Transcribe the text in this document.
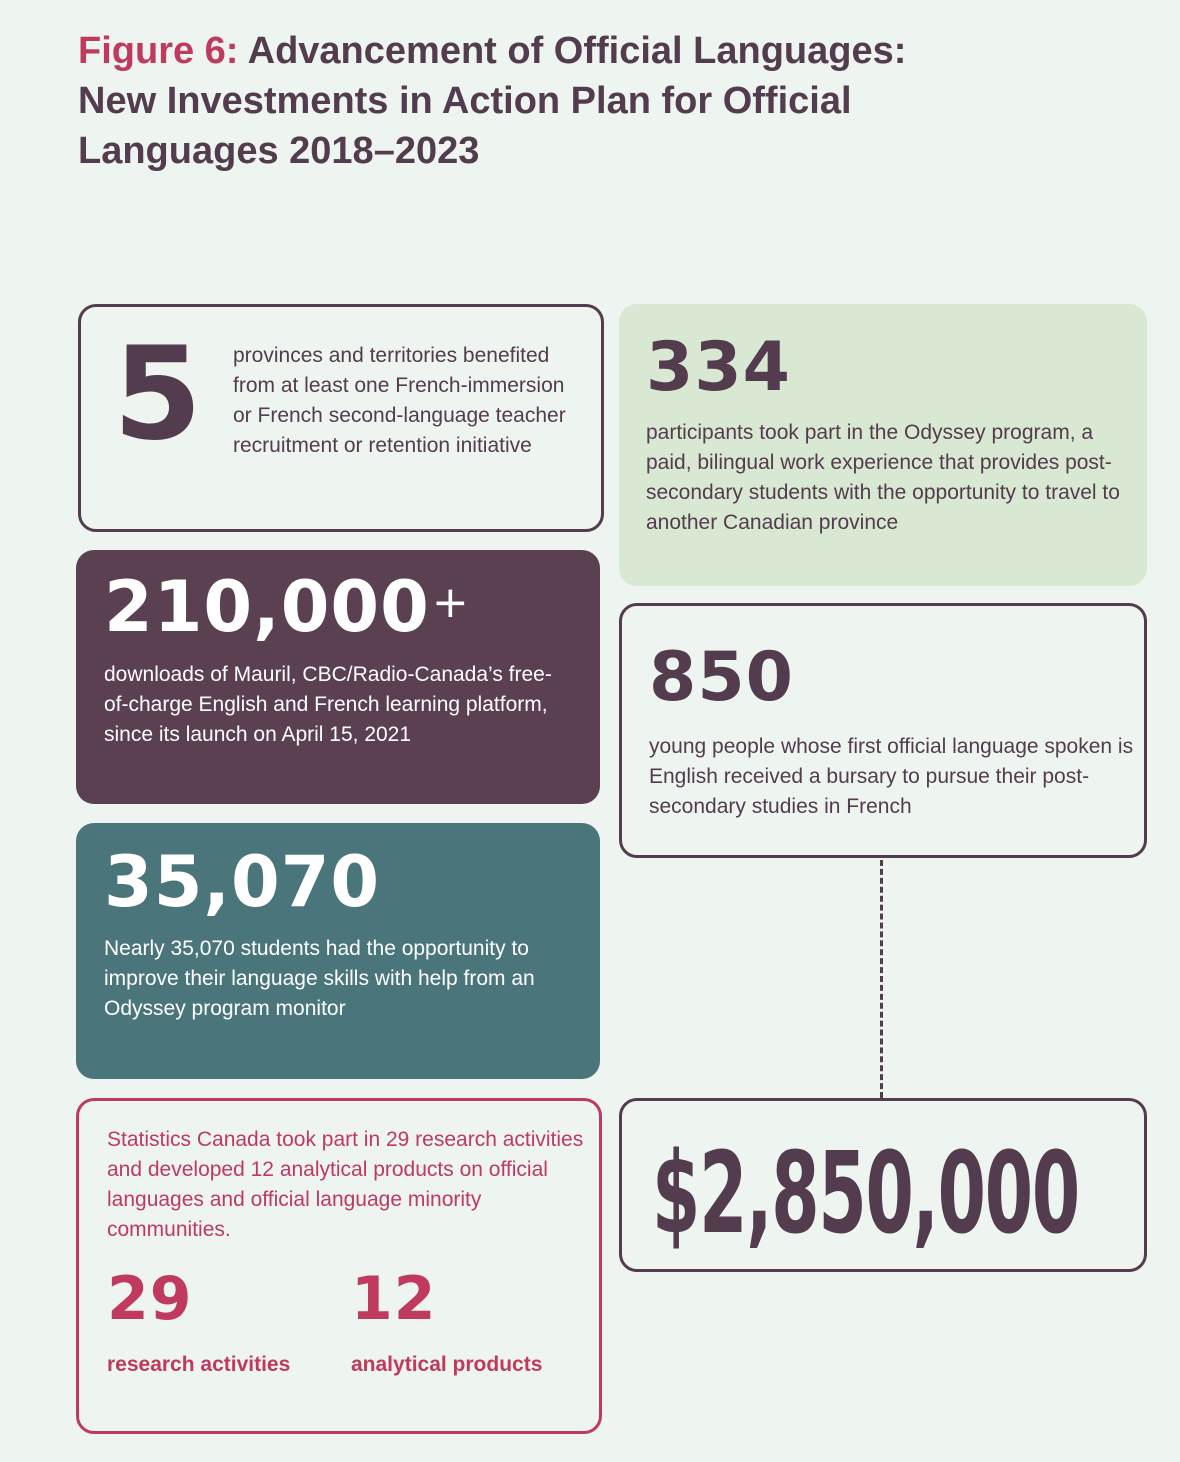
Figure 6: Advancement of Official Languages: New Investments in Action Plan for Official Languages 2018–2023
5 provinces and territories benefited from at least one French-immersion or French second-language teacher recruitment or retention initiative
334
participants took part in the Odyssey program, a paid, bilingual work experience that provides post-secondary students with the opportunity to travel to another Canadian province
210,000+
downloads of Mauril, CBC/Radio-Canada’s free-of-charge English and French learning platform, since its launch on April 15, 2021
850
young people whose first official language spoken is English received a bursary to pursue their post-secondary studies in French
35,070
Nearly 35,070 students had the opportunity to improve their language skills with help from an Odyssey program monitor
Statistics Canada took part in 29 research activities and developed 12 analytical products on official languages and official language minority communities.
29
research activities
12
analytical products
$2,850,000
